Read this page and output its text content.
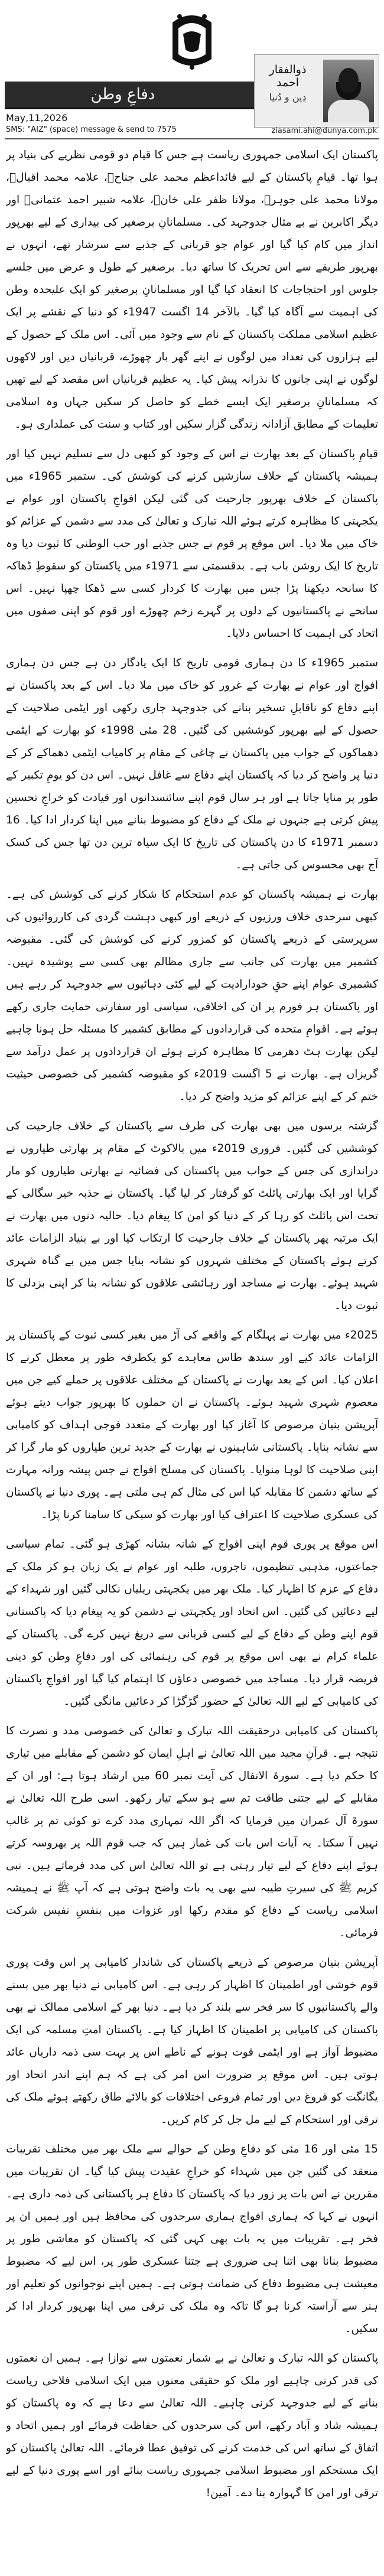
دفاعِ وطن
ذوالفقار احمد
دِین و دُنیا
May,11,2026
SMS: "AIZ" (space) message & send to 7575	ziasami.ahi@dunya.com.pk

پاکستان ایک اسلامی جمہوری ریاست ہے جس کا قیام دو قومی نظریے کی بنیاد پر ہوا تھا۔ قیامِ پاکستان کے لیے قائداعظم محمد علی جناحؒ، علامہ محمد اقبالؒ، مولانا محمد علی جوہرؒ، مولانا ظفر علی خانؒ، علامہ شبیر احمد عثمانیؒ اور دیگر اکابرین نے بے مثال جدوجہد کی۔ مسلمانانِ برصغیر کی بیداری کے لیے بھرپور انداز میں کام کیا گیا اور عوام جو قربانی کے جذبے سے سرشار تھے، انہوں نے بھرپور طریقے سے اس تحریک کا ساتھ دیا۔ برصغیر کے طول و عرض میں جلسے جلوس اور احتجاجات کا انعقاد کیا گیا اور مسلمانانِ برصغیر کو ایک علیحدہ وطن کی اہمیت سے آگاہ کیا گیا۔ بالآخر 14 اگست 1947ء کو دنیا کے نقشے پر ایک عظیم اسلامی مملکت پاکستان کے نام سے وجود میں آئی۔ اس ملک کے حصول کے لیے ہزاروں کی تعداد میں لوگوں نے اپنے گھر بار چھوڑے، قربانیاں دیں اور لاکھوں لوگوں نے اپنی جانوں کا نذرانہ پیش کیا۔ یہ عظیم قربانیاں اس مقصد کے لیے تھیں کہ مسلمانانِ برصغیر ایک ایسے خطے کو حاصل کر سکیں جہاں وہ اسلامی تعلیمات کے مطابق آزادانہ زندگی گزار سکیں اور کتاب و سنت کی عملداری ہو۔

قیامِ پاکستان کے بعد بھارت نے اس کے وجود کو کبھی دل سے تسلیم نہیں کیا اور ہمیشہ پاکستان کے خلاف سازشیں کرنے کی کوشش کی۔ ستمبر 1965ء میں پاکستان کے خلاف بھرپور جارحیت کی گئی لیکن افواجِ پاکستان اور عوام نے یکجہتی کا مظاہرہ کرتے ہوئے اللہ تبارک و تعالیٰ کی مدد سے دشمن کے عزائم کو خاک میں ملا دیا۔ اس موقع پر قوم نے جس جذبے اور حب الوطنی کا ثبوت دیا وہ تاریخ کا ایک روشن باب ہے۔ بدقسمتی سے 1971ء میں پاکستان کو سقوطِ ڈھاکہ کا سانحہ دیکھنا پڑا جس میں بھارت کا کردار کسی سے ڈھکا چھپا نہیں۔ اس سانحے نے پاکستانیوں کے دلوں پر گہرے زخم چھوڑے اور قوم کو اپنی صفوں میں اتحاد کی اہمیت کا احساس دلایا۔

ستمبر 1965ء کا دن ہماری قومی تاریخ کا ایک یادگار دن ہے جس دن ہماری افواج اور عوام نے بھارت کے غرور کو خاک میں ملا دیا۔ اس کے بعد پاکستان نے اپنے دفاع کو ناقابلِ تسخیر بنانے کی جدوجہد جاری رکھی اور ایٹمی صلاحیت کے حصول کے لیے بھرپور کوششیں کی گئیں۔ 28 مئی 1998ء کو بھارت کے ایٹمی دھماکوں کے جواب میں پاکستان نے چاغی کے مقام پر کامیاب ایٹمی دھماکے کر کے دنیا پر واضح کر دیا کہ پاکستان اپنے دفاع سے غافل نہیں۔ اس دن کو یومِ تکبیر کے طور پر منایا جاتا ہے اور ہر سال قوم اپنے سائنسدانوں اور قیادت کو خراجِ تحسین پیش کرتی ہے جنہوں نے ملک کے دفاع کو مضبوط بنانے میں اپنا کردار ادا کیا۔ 16 دسمبر 1971ء کا دن پاکستان کی تاریخ کا ایک سیاہ ترین دن تھا جس کی کسک آج بھی محسوس کی جاتی ہے۔

بھارت نے ہمیشہ پاکستان کو عدم استحکام کا شکار کرنے کی کوشش کی ہے۔ کبھی سرحدی خلاف ورزیوں کے ذریعے اور کبھی دہشت گردی کی کارروائیوں کی سرپرستی کے ذریعے پاکستان کو کمزور کرنے کی کوشش کی گئی۔ مقبوضہ کشمیر میں بھارت کی جانب سے جاری مظالم بھی کسی سے پوشیدہ نہیں۔ کشمیری عوام اپنے حقِ خودارادیت کے لیے کئی دہائیوں سے جدوجہد کر رہے ہیں اور پاکستان ہر فورم پر ان کی اخلاقی، سیاسی اور سفارتی حمایت جاری رکھے ہوئے ہے۔ اقوامِ متحدہ کی قراردادوں کے مطابق کشمیر کا مسئلہ حل ہونا چاہیے لیکن بھارت ہٹ دھرمی کا مظاہرہ کرتے ہوئے ان قراردادوں پر عمل درآمد سے گریزاں ہے۔ بھارت نے 5 اگست 2019ء کو مقبوضہ کشمیر کی خصوصی حیثیت ختم کر کے اپنے عزائم کو مزید واضح کر دیا۔

گزشتہ برسوں میں بھی بھارت کی طرف سے پاکستان کے خلاف جارحیت کی کوششیں کی گئیں۔ فروری 2019ء میں بالاکوٹ کے مقام پر بھارتی طیاروں نے دراندازی کی جس کے جواب میں پاکستان کی فضائیہ نے بھارتی طیاروں کو مار گرایا اور ایک بھارتی پائلٹ کو گرفتار کر لیا گیا۔ پاکستان نے جذبہ خیر سگالی کے تحت اس پائلٹ کو رہا کر کے دنیا کو امن کا پیغام دیا۔ حالیہ دنوں میں بھارت نے ایک مرتبہ پھر پاکستان کے خلاف جارحیت کا ارتکاب کیا اور بے بنیاد الزامات عائد کرتے ہوئے پاکستان کے مختلف شہروں کو نشانہ بنایا جس میں بے گناہ شہری شہید ہوئے۔ بھارت نے مساجد اور رہائشی علاقوں کو نشانہ بنا کر اپنی بزدلی کا ثبوت دیا۔

2025ء میں بھارت نے پہلگام کے واقعے کی آڑ میں بغیر کسی ثبوت کے پاکستان پر الزامات عائد کیے اور سندھ طاس معاہدے کو یکطرفہ طور پر معطل کرنے کا اعلان کیا۔ اس کے بعد بھارت نے پاکستان کے مختلف علاقوں پر حملے کیے جن میں معصوم شہری شہید ہوئے۔ پاکستان نے ان حملوں کا بھرپور جواب دیتے ہوئے آپریشن بنیان مرصوص کا آغاز کیا اور بھارت کے متعدد فوجی اہداف کو کامیابی سے نشانہ بنایا۔ پاکستانی شاہینوں نے بھارت کے جدید ترین طیاروں کو مار گرا کر اپنی صلاحیت کا لوہا منوایا۔ پاکستان کی مسلح افواج نے جس پیشہ ورانہ مہارت کے ساتھ دشمن کا مقابلہ کیا اس کی مثال کم ہی ملتی ہے۔ پوری دنیا نے پاکستان کی عسکری صلاحیت کا اعتراف کیا اور بھارت کو سبکی کا سامنا کرنا پڑا۔

اس موقع پر پوری قوم اپنی افواج کے شانہ بشانہ کھڑی ہو گئی۔ تمام سیاسی جماعتوں، مذہبی تنظیموں، تاجروں، طلبہ اور عوام نے یک زبان ہو کر ملک کے دفاع کے عزم کا اظہار کیا۔ ملک بھر میں یکجہتی ریلیاں نکالی گئیں اور شہداء کے لیے دعائیں کی گئیں۔ اس اتحاد اور یکجہتی نے دشمن کو یہ پیغام دیا کہ پاکستانی قوم اپنے وطن کے دفاع کے لیے کسی قربانی سے دریغ نہیں کرے گی۔ پاکستان کے علماء کرام نے بھی اس موقع پر قوم کی رہنمائی کی اور دفاعِ وطن کو دینی فریضہ قرار دیا۔ مساجد میں خصوصی دعاؤں کا اہتمام کیا گیا اور افواجِ پاکستان کی کامیابی کے لیے اللہ تعالیٰ کے حضور گڑگڑا کر دعائیں مانگی گئیں۔

پاکستان کی کامیابی درحقیقت اللہ تبارک و تعالیٰ کی خصوصی مدد و نصرت کا نتیجہ ہے۔ قرآنِ مجید میں اللہ تعالیٰ نے اہلِ ایمان کو دشمن کے مقابلے میں تیاری کا حکم دیا ہے۔ سورۃ الانفال کی آیت نمبر 60 میں ارشاد ہوتا ہے: اور ان کے مقابلے کے لیے جتنی طاقت تم سے ہو سکے تیار رکھو۔ اسی طرح اللہ تعالیٰ نے سورۃ آل عمران میں فرمایا کہ اگر اللہ تمہاری مدد کرے تو کوئی تم پر غالب نہیں آ سکتا۔ یہ آیات اس بات کی غماز ہیں کہ جب قوم اللہ پر بھروسہ کرتے ہوئے اپنے دفاع کے لیے تیار رہتی ہے تو اللہ تعالیٰ اس کی مدد فرماتے ہیں۔ نبی کریم ﷺ کی سیرتِ طیبہ سے بھی یہ بات واضح ہوتی ہے کہ آپ ﷺ نے ہمیشہ اسلامی ریاست کے دفاع کو مقدم رکھا اور غزوات میں بنفسِ نفیس شرکت فرمائی۔

آپریشن بنیان مرصوص کے ذریعے پاکستان کی شاندار کامیابی پر اس وقت پوری قوم خوشی اور اطمینان کا اظہار کر رہی ہے۔ اس کامیابی نے دنیا بھر میں بسنے والے پاکستانیوں کا سر فخر سے بلند کر دیا ہے۔ دنیا بھر کے اسلامی ممالک نے بھی پاکستان کی کامیابی پر اطمینان کا اظہار کیا ہے۔ پاکستان امتِ مسلمہ کی ایک مضبوط آواز ہے اور ایٹمی قوت ہونے کے ناطے اس پر بہت سی ذمہ داریاں عائد ہوتی ہیں۔ اس موقع پر ضرورت اس امر کی ہے کہ ہم اپنے اندر اتحاد اور یگانگت کو فروغ دیں اور تمام فروعی اختلافات کو بالائے طاق رکھتے ہوئے ملک کی ترقی اور استحکام کے لیے مل جل کر کام کریں۔

15 مئی اور 16 مئی کو دفاعِ وطن کے حوالے سے ملک بھر میں مختلف تقریبات منعقد کی گئیں جن میں شہداء کو خراجِ عقیدت پیش کیا گیا۔ ان تقریبات میں مقررین نے اس بات پر زور دیا کہ پاکستان کا دفاع ہر پاکستانی کی ذمہ داری ہے۔ انہوں نے کہا کہ ہماری افواج ہماری سرحدوں کی محافظ ہیں اور ہمیں ان پر فخر ہے۔ تقریبات میں یہ بات بھی کہی گئی کہ پاکستان کو معاشی طور پر مضبوط بنانا بھی اتنا ہی ضروری ہے جتنا عسکری طور پر، اس لیے کہ مضبوط معیشت ہی مضبوط دفاع کی ضمانت ہوتی ہے۔ ہمیں اپنے نوجوانوں کو تعلیم اور ہنر سے آراستہ کرنا ہو گا تاکہ وہ ملک کی ترقی میں اپنا بھرپور کردار ادا کر سکیں۔

پاکستان کو اللہ تبارک و تعالیٰ نے بے شمار نعمتوں سے نوازا ہے۔ ہمیں ان نعمتوں کی قدر کرنی چاہیے اور ملک کو حقیقی معنوں میں ایک اسلامی فلاحی ریاست بنانے کے لیے جدوجہد کرنی چاہیے۔ اللہ تعالیٰ سے دعا ہے کہ وہ پاکستان کو ہمیشہ شاد و آباد رکھے، اس کی سرحدوں کی حفاظت فرمائے اور ہمیں اتحاد و اتفاق کے ساتھ اس کی خدمت کرنے کی توفیق عطا فرمائے۔ اللہ تعالیٰ پاکستان کو ایک مستحکم اور مضبوط اسلامی جمہوری ریاست بنائے اور اسے پوری دنیا کے لیے ترقی اور امن کا گہوارہ بنا دے۔ آمین!
